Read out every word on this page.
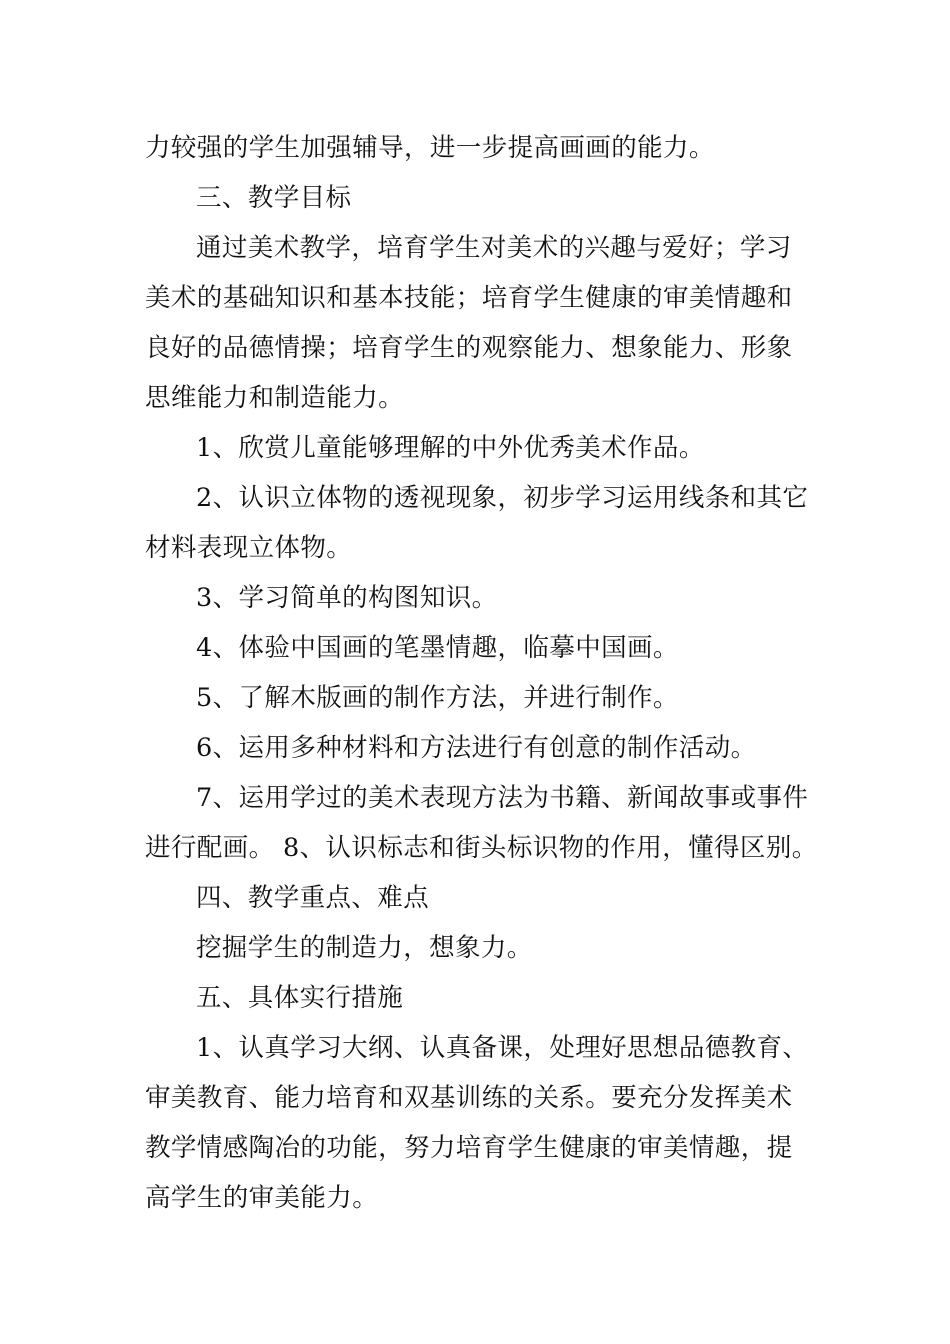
力较强的学生加强辅导，进一步提高画画的能力。
三、教学目标
通过美术教学，培育学生对美术的兴趣与爱好；学习
美术的基础知识和基本技能；培育学生健康的审美情趣和
良好的品德情操；培育学生的观察能力、想象能力、形象
思维能力和制造能力。
1、欣赏儿童能够理解的中外优秀美术作品。
2、认识立体物的透视现象，初步学习运用线条和其它
材料表现立体物。
3、学习简单的构图知识。
4、体验中国画的笔墨情趣，临摹中国画。
5、了解木版画的制作方法，并进行制作。
6、运用多种材料和方法进行有创意的制作活动。
7、运用学过的美术表现方法为书籍、新闻故事或事件
进行配画。 8、认识标志和街头标识物的作用，懂得区别。
四、教学重点、难点
挖掘学生的制造力，想象力。
五、具体实行措施
1、认真学习大纲、认真备课，处理好思想品德教育、
审美教育、能力培育和双基训练的关系。要充分发挥美术
教学情感陶冶的功能，努力培育学生健康的审美情趣，提
高学生的审美能力。
